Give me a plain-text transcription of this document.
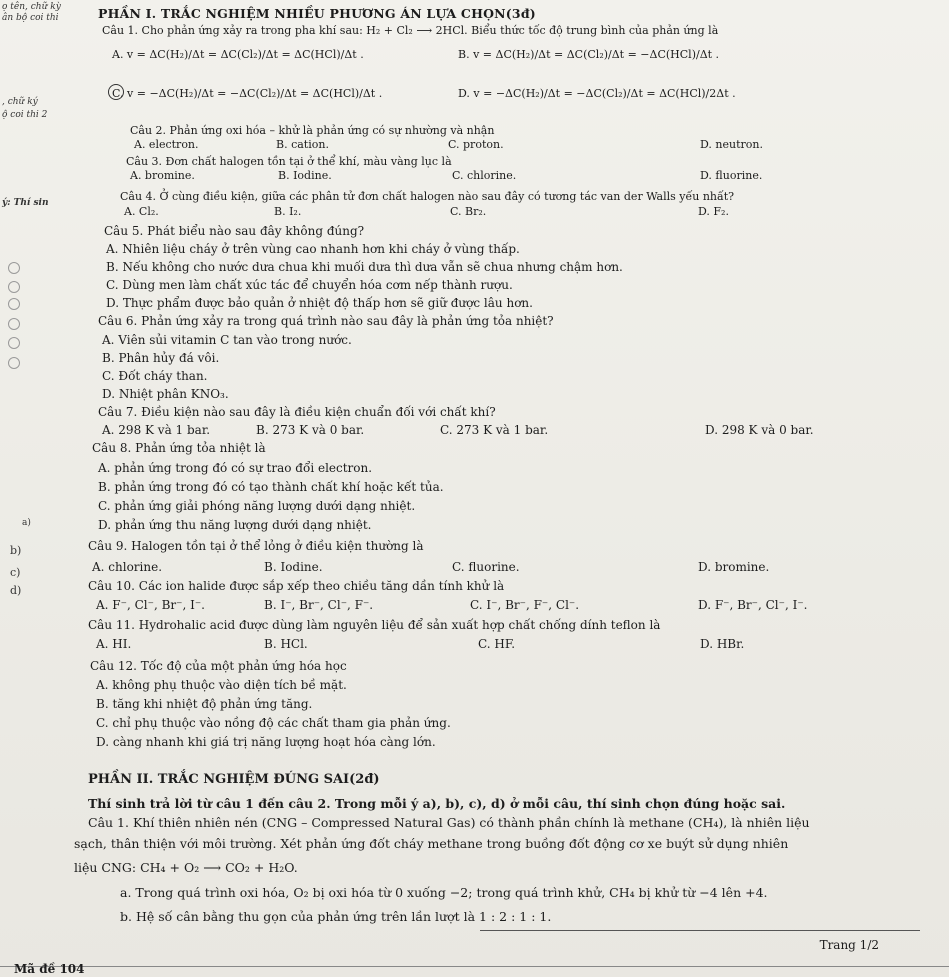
ọ tên, chữ kỳ
ân bộ coi thi
, chữ ký
ộ coi thi 2
ý: Thí sin
a)
b)
c)
d)
PHẦN I. TRẮC NGHIỆM NHIỀU PHƯƠNG ÁN LỰA CHỌN(3đ)
Câu 1. Cho phản ứng xảy ra trong pha khí sau: H₂ + Cl₂ ⟶ 2HCl. Biểu thức tốc độ trung bình của phản ứng là
A. v = ΔC(H₂)/Δt = ΔC(Cl₂)/Δt = ΔC(HCl)/Δt .	B. v = ΔC(H₂)/Δt = ΔC(Cl₂)/Δt = −ΔC(HCl)/Δt .
C. v = −ΔC(H₂)/Δt = −ΔC(Cl₂)/Δt = ΔC(HCl)/Δt .	D. v = −ΔC(H₂)/Δt = −ΔC(Cl₂)/Δt = ΔC(HCl)/2Δt .
Câu 2. Phản ứng oxi hóa – khử là phản ứng có sự nhường và nhận
A. electron.	B. cation.	C. proton.	D. neutron.
Câu 3. Đơn chất halogen tồn tại ở thể khí, màu vàng lục là
A. bromine.	B. Iodine.	C. chlorine.	D. fluorine.
Câu 4. Ở cùng điều kiện, giữa các phân tử đơn chất halogen nào sau đây có tương tác van der Walls yếu nhất?
A. Cl₂.	B. I₂.	C. Br₂.	D. F₂.
Câu 5. Phát biểu nào sau đây không đúng?
A. Nhiên liệu cháy ở trên vùng cao nhanh hơn khi cháy ở vùng thấp.
B. Nếu không cho nước dưa chua khi muối dưa thì dưa vẫn sẽ chua nhưng chậm hơn.
C. Dùng men làm chất xúc tác để chuyển hóa cơm nếp thành rượu.
D. Thực phẩm được bảo quản ở nhiệt độ thấp hơn sẽ giữ được lâu hơn.
Câu 6. Phản ứng xảy ra trong quá trình nào sau đây là phản ứng tỏa nhiệt?
A. Viên sủi vitamin C tan vào trong nước.
B. Phân hủy đá vôi.
C. Đốt cháy than.
D. Nhiệt phân KNO₃.
Câu 7. Điều kiện nào sau đây là điều kiện chuẩn đối với chất khí?
A. 298 K và 1 bar.	B. 273 K và 0 bar.	C. 273 K và 1 bar.	D. 298 K và 0 bar.
Câu 8. Phản ứng tỏa nhiệt là
A. phản ứng trong đó có sự trao đổi electron.
B. phản ứng trong đó có tạo thành chất khí hoặc kết tủa.
C. phản ứng giải phóng năng lượng dưới dạng nhiệt.
D. phản ứng thu năng lượng dưới dạng nhiệt.
Câu 9. Halogen tồn tại ở thể lỏng ở điều kiện thường là
A. chlorine.	B. Iodine.	C. fluorine.	D. bromine.
Câu 10. Các ion halide được sắp xếp theo chiều tăng dần tính khử là
A. F⁻, Cl⁻, Br⁻, I⁻.	B. I⁻, Br⁻, Cl⁻, F⁻.	C. I⁻, Br⁻, F⁻, Cl⁻.	D. F⁻, Br⁻, Cl⁻, I⁻.
Câu 11. Hydrohalic acid được dùng làm nguyên liệu để sản xuất hợp chất chống dính teflon là
A. HI.	B. HCl.	C. HF.	D. HBr.
Câu 12. Tốc độ của một phản ứng hóa học
A. không phụ thuộc vào diện tích bề mặt.
B. tăng khi nhiệt độ phản ứng tăng.
C. chỉ phụ thuộc vào nồng độ các chất tham gia phản ứng.
D. càng nhanh khi giá trị năng lượng hoạt hóa càng lớn.
PHẦN II. TRẮC NGHIỆM ĐÚNG SAI(2đ)
Thí sinh trả lời từ câu 1 đến câu 2. Trong mỗi ý a), b), c), d) ở mỗi câu, thí sinh chọn đúng hoặc sai.
Câu 1. Khí thiên nhiên nén (CNG – Compressed Natural Gas) có thành phần chính là methane (CH₄), là nhiên liệu
sạch, thân thiện với môi trường. Xét phản ứng đốt cháy methane trong buồng đốt động cơ xe buýt sử dụng nhiên
liệu CNG: CH₄ + O₂ ⟶ CO₂ + H₂O.
a. Trong quá trình oxi hóa, O₂ bị oxi hóa từ 0 xuống −2; trong quá trình khử, CH₄ bị khử từ −4 lên +4.
b. Hệ số cân bằng thu gọn của phản ứng trên lần lượt là 1 : 2 : 1 : 1.
Trang 1/2
Mã đề 104
